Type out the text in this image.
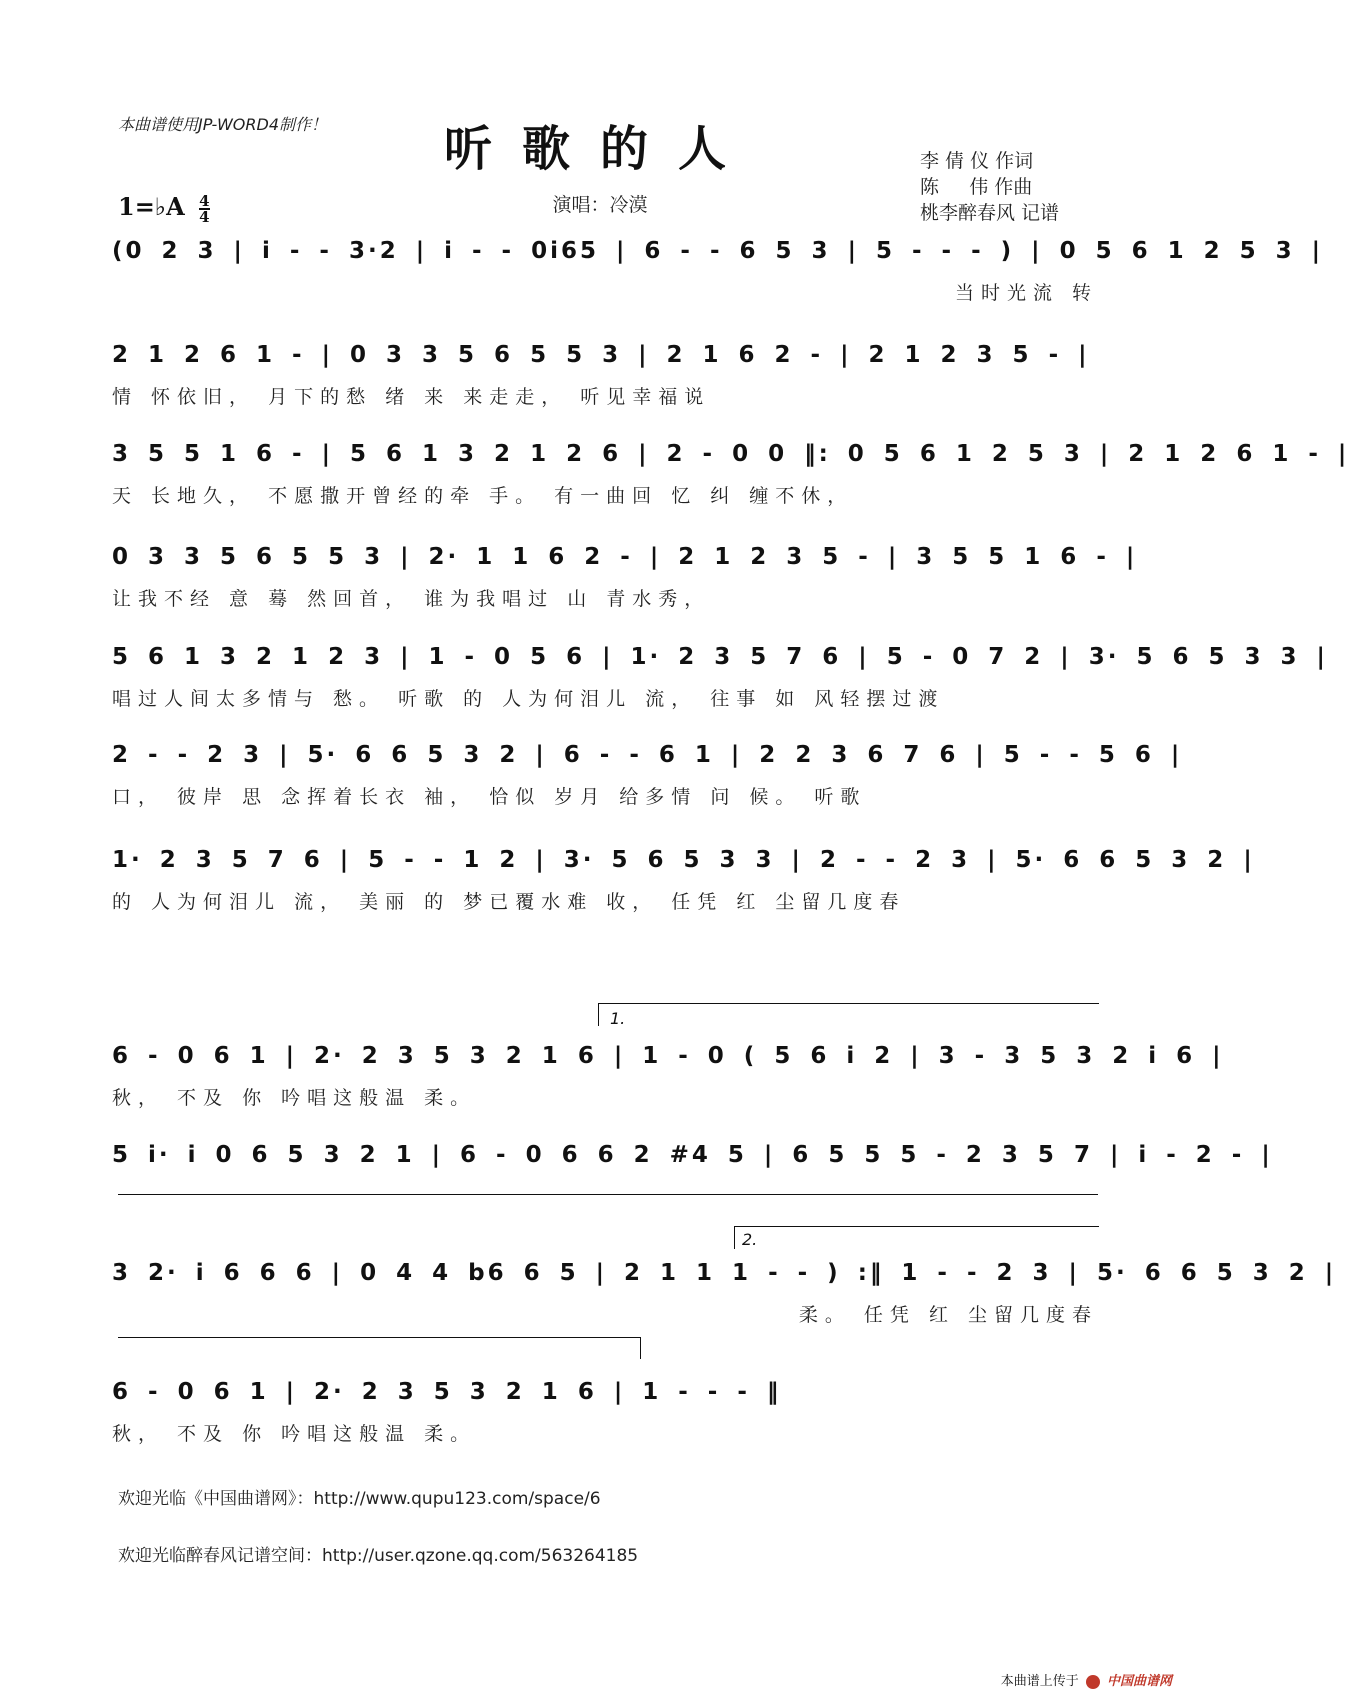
本曲谱使用JP-WORD4制作！	听歌的人	李 倩 仪 作词
陈     伟 作曲
桃李醉春风 记谱
1=♭A $\frac{4}{4}$	演唱：冷漠
(0 2 3 | i - - 3·2 | i - - 0i65 | 6 - - 6 5 3 | 5 - - - ) | 0 5 6 1 2 5 3 |
当时光流 转
2 1 2 6 1 - | 0 3 3 5 6 5 5 3 | 2 1 6 2 - | 2 1 2 3 5 - |
情 怀依旧， 月下的愁 绪 来 来走走， 听见幸福说
3 5 5 1 6 - | 5 6 1 3 2 1 2 6 | 2 - 0 0 ‖: 0 5 6 1 2 5 3 | 2 1 2 6 1 - |
天 长地久， 不愿撒开曾经的牵 手。 有一曲回 忆 纠 缠不休，
0 3 3 5 6 5 5 3 | 2· 1 1 6 2 - | 2 1 2 3 5 - | 3 5 5 1 6 - |
让我不经 意 蓦 然回首， 谁为我唱过 山 青水秀，
5 6 1 3 2 1 2 3 | 1 - 0 5 6 | 1· 2 3 5 7 6 | 5 - 0 7 2 | 3· 5 6 5 3 3 |
唱过人间太多情与 愁。 听歌 的 人为何泪儿 流， 往事 如 风轻摆过渡
2 - - 2 3 | 5· 6 6 5 3 2 | 6 - - 6 1 | 2 2 3 6 7 6 | 5 - - 5 6 |
口， 彼岸 思 念挥着长衣 袖， 恰似 岁月 给多情 问 候。 听歌
1· 2 3 5 7 6 | 5 - - 1 2 | 3· 5 6 5 3 3 | 2 - - 2 3 | 5· 6 6 5 3 2 |
的 人为何泪儿 流， 美丽 的 梦已覆水难 收， 任凭 红 尘留几度春
1.
6 - 0 6 1 | 2· 2 3 5 3 2 1 6 | 1 - 0 ( 5 6 i 2 | 3 - 3 5 3 2 i 6 |
秋， 不及 你 吟唱这般温 柔。
5 i· i 0 6 5 3 2 1 | 6 - 0 6 6 2 #4 5 | 6 5 5 5 - 2 3 5 7 | i - 2 - |
2.
3 2· i 6 6 6 | 0 4 4 b6 6 5 | 2 1 1 1 - - ) :‖ 1 - - 2 3 | 5· 6 6 5 3 2 |
柔。 任凭 红 尘留几度春
6 - 0 6 1 | 2· 2 3 5 3 2 1 6 | 1 - - - ‖
秋， 不及 你 吟唱这般温 柔。
欢迎光临《中国曲谱网》：http://www.qupu123.com/space/6
欢迎光临醉春风记谱空间：http://user.qzone.qq.com/563264185
本曲谱上传于 中国曲谱网
